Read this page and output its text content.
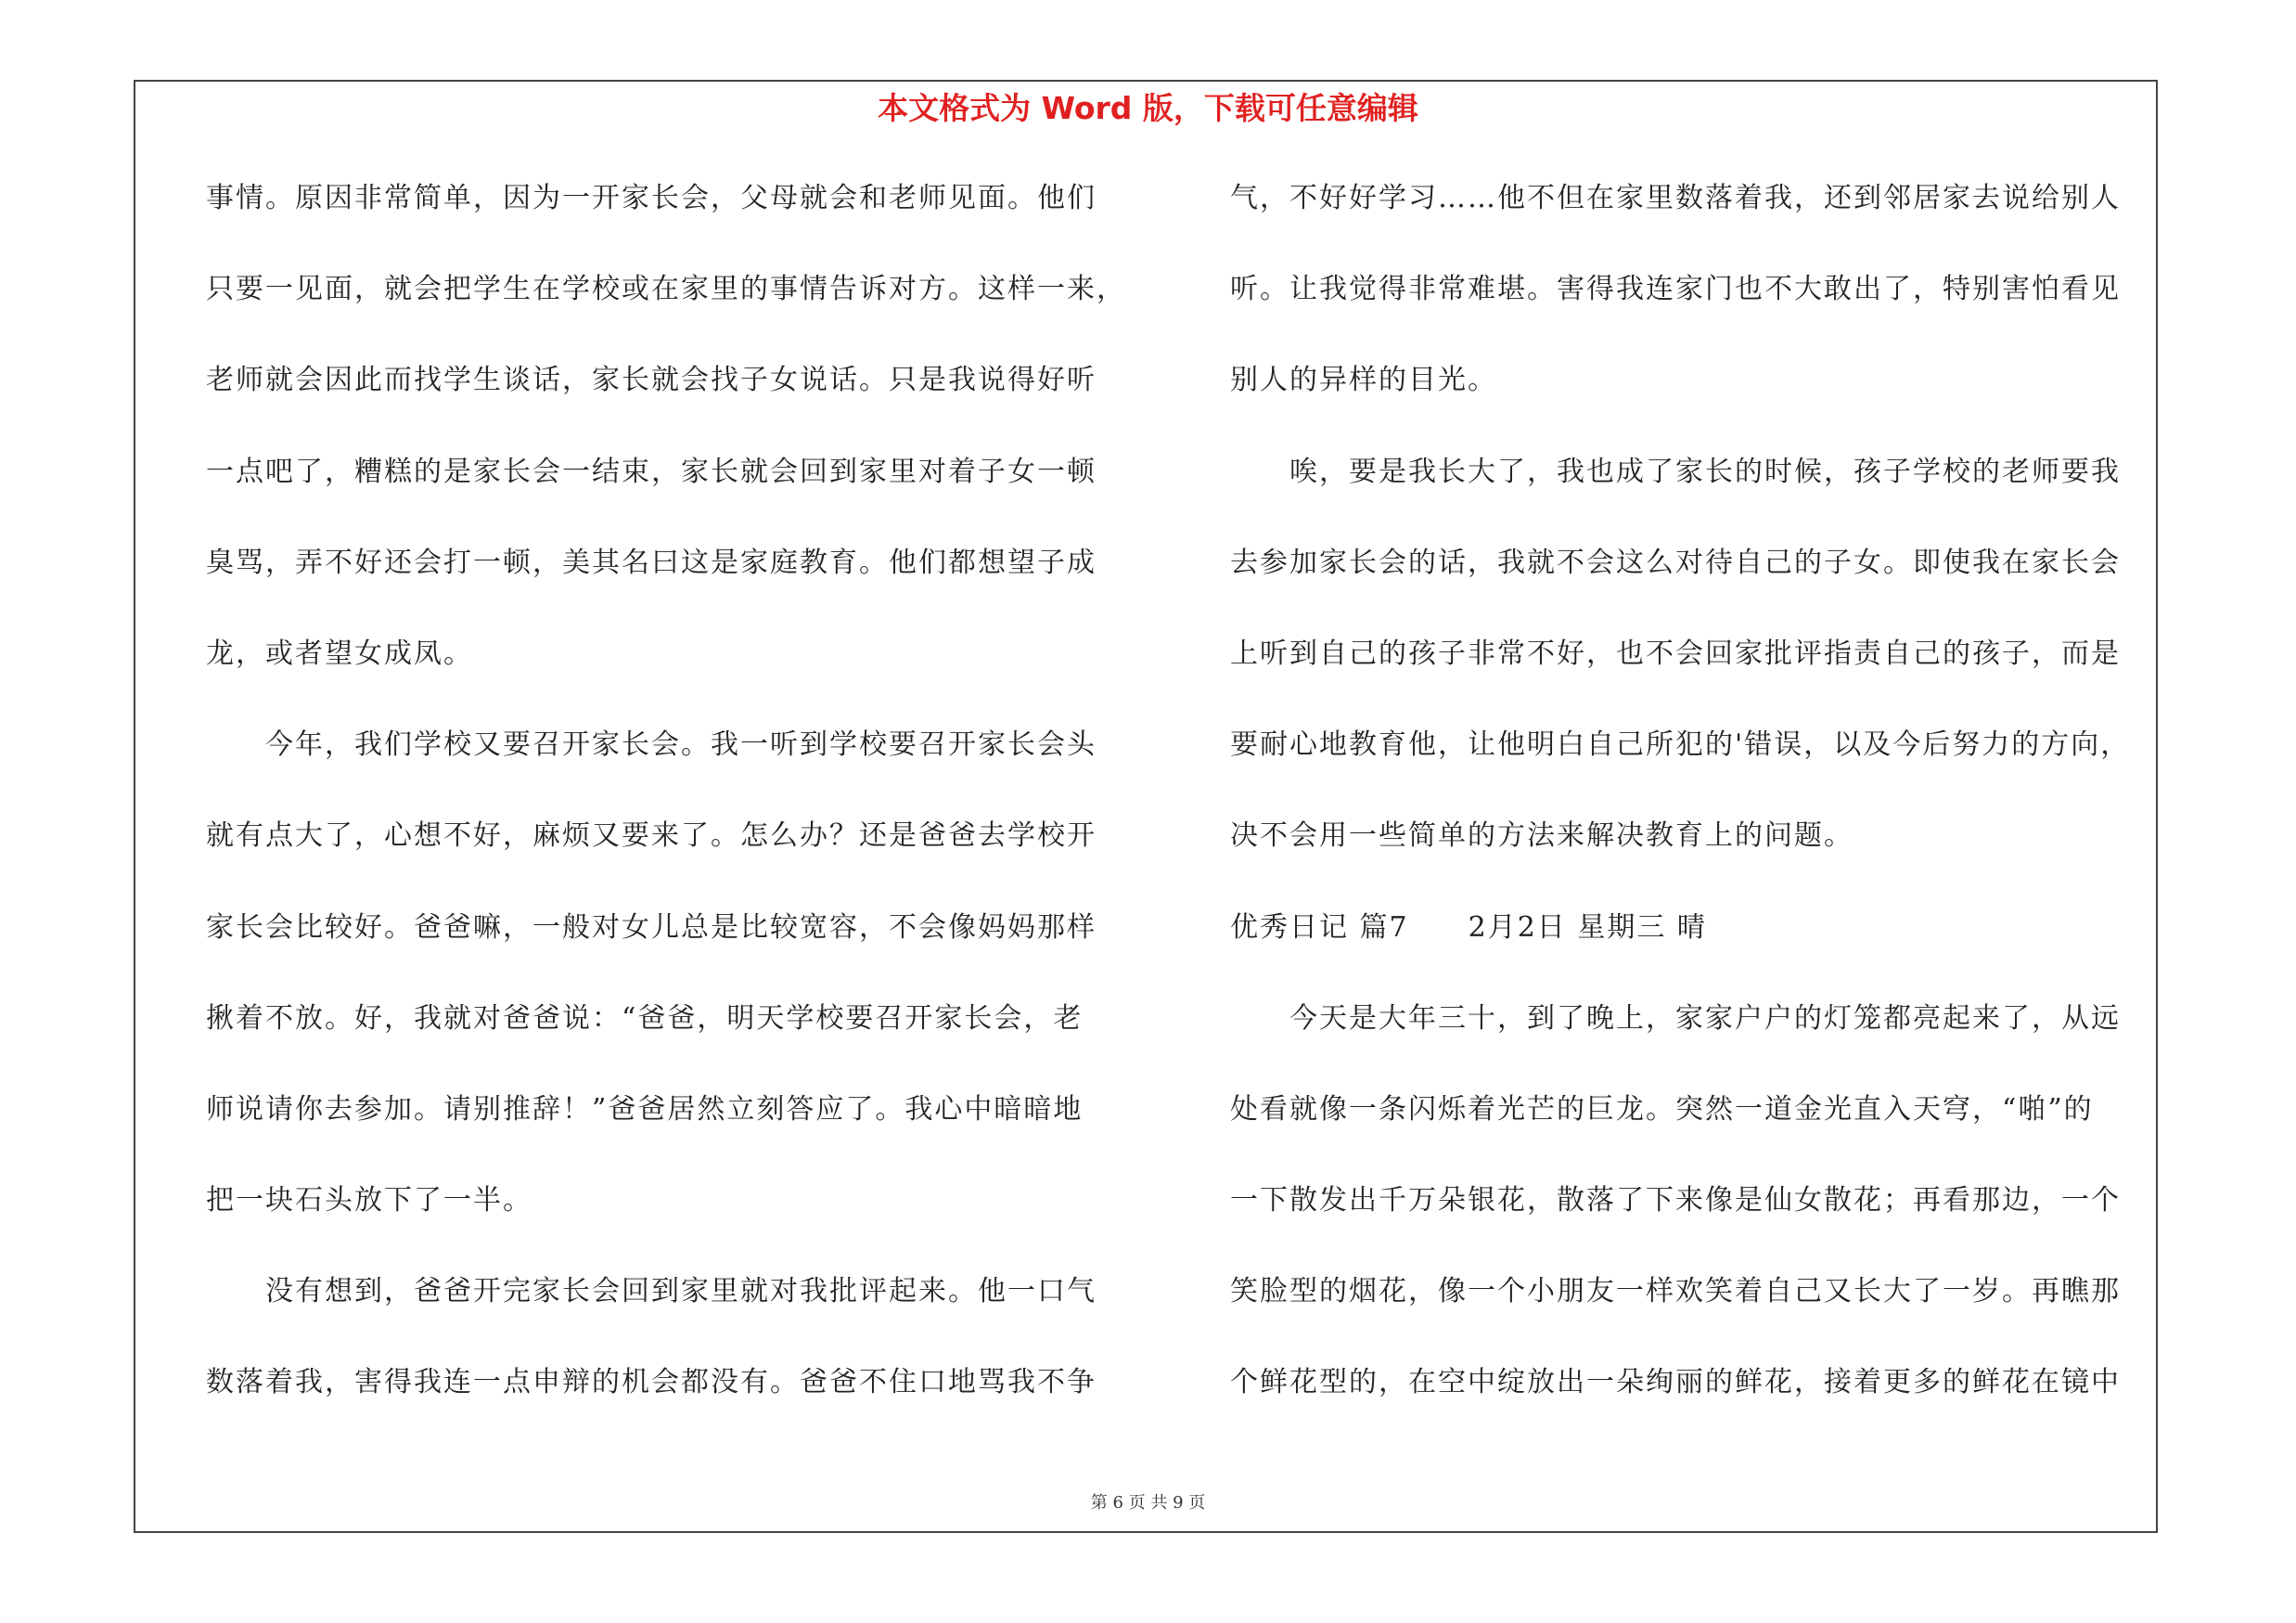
本文格式为 Word 版，下载可任意编辑
事情。原因非常简单，因为一开家长会，父母就会和老师见面。他们
只要一见面，就会把学生在学校或在家里的事情告诉对方。这样一来，
老师就会因此而找学生谈话，家长就会找子女说话。只是我说得好听
一点吧了，糟糕的是家长会一结束，家长就会回到家里对着子女一顿
臭骂，弄不好还会打一顿，美其名曰这是家庭教育。他们都想望子成
龙，或者望女成凤。
　　今年，我们学校又要召开家长会。我一听到学校要召开家长会头
就有点大了，心想不好，麻烦又要来了。怎么办？还是爸爸去学校开
家长会比较好。爸爸嘛，一般对女儿总是比较宽容，不会像妈妈那样
揪着不放。好，我就对爸爸说：“爸爸，明天学校要召开家长会，老
师说请你去参加。请别推辞！”爸爸居然立刻答应了。我心中暗暗地
把一块石头放下了一半。
　　没有想到，爸爸开完家长会回到家里就对我批评起来。他一口气
数落着我，害得我连一点申辩的机会都没有。爸爸不住口地骂我不争
气，不好好学习……他不但在家里数落着我，还到邻居家去说给别人
听。让我觉得非常难堪。害得我连家门也不大敢出了，特别害怕看见
别人的异样的目光。
　　唉，要是我长大了，我也成了家长的时候，孩子学校的老师要我
去参加家长会的话，我就不会这么对待自己的子女。即使我在家长会
上听到自己的孩子非常不好，也不会回家批评指责自己的孩子，而是
要耐心地教育他，让他明白自己所犯的'错误，以及今后努力的方向，
决不会用一些简单的方法来解决教育上的问题。
优秀日记 篇7　　2月2日 星期三 晴
　　今天是大年三十，到了晚上，家家户户的灯笼都亮起来了，从远
处看就像一条闪烁着光芒的巨龙。突然一道金光直入天穹，“啪”的
一下散发出千万朵银花，散落了下来像是仙女散花；再看那边，一个
笑脸型的烟花，像一个小朋友一样欢笑着自己又长大了一岁。再瞧那
个鲜花型的，在空中绽放出一朵绚丽的鲜花，接着更多的鲜花在镜中
第 6 页 共 9 页
